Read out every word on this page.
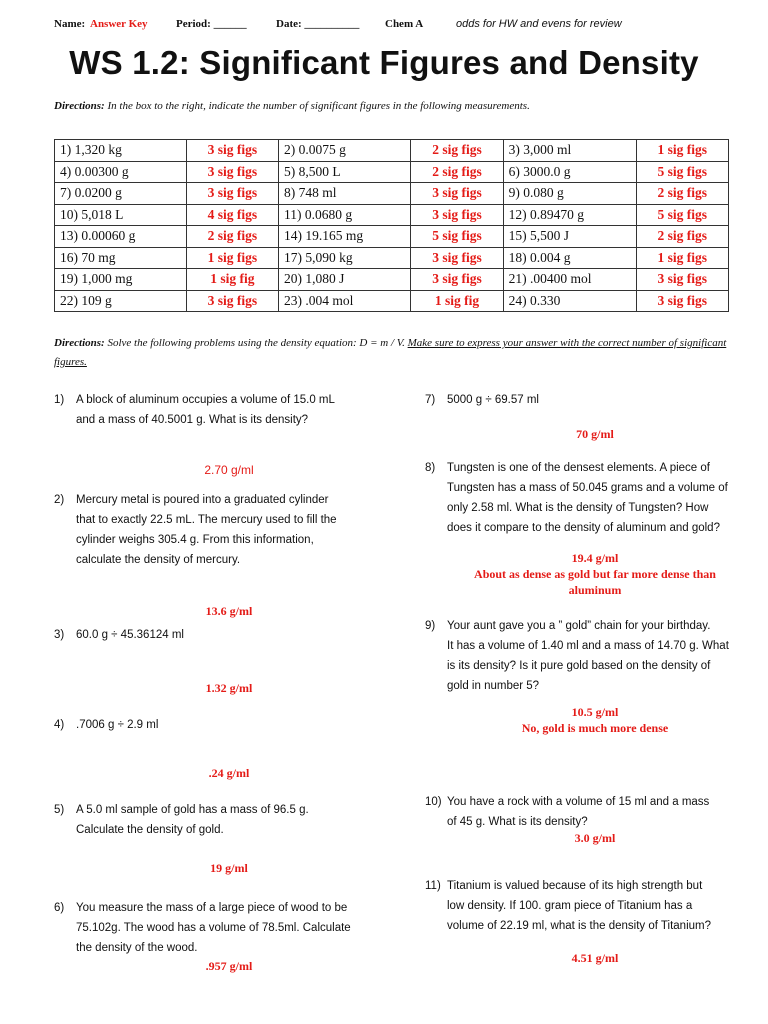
Name: Answer Key	Period: ______	Date: __________ Chem A	odds for HW and evens for review
WS 1.2: Significant Figures and Density
Directions: In the box to the right, indicate the number of significant figures in the following measurements.
1) 1,320 kg	3 sig figs	2) 0.0075 g	2 sig figs	3) 3,000 ml	1 sig figs
4) 0.00300 g	3 sig figs	5) 8,500 L	2 sig figs	6) 3000.0 g	5 sig figs
7) 0.0200 g	3 sig figs	8) 748 ml	3 sig figs	9) 0.080 g	2 sig figs
10) 5,018 L	4 sig figs	11) 0.0680 g	3 sig figs	12) 0.89470 g	5 sig figs
13) 0.00060 g	2 sig figs	14) 19.165 mg	5 sig figs	15) 5,500 J	2 sig figs
16) 70 mg	1 sig figs	17) 5,090 kg	3 sig figs	18) 0.004 g	1 sig figs
19) 1,000 mg	1 sig fig	20) 1,080 J	3 sig figs	21) .00400 mol	3 sig figs
22) 109 g	3 sig figs	23) .004 mol	1 sig fig	24) 0.330	3 sig figs
Directions: Solve the following problems using the density equation: D = m / V. Make sure to express your answer with the correct number of significant figures.
1) A block of aluminum occupies a volume of 15.0 mL
and a mass of 40.5001 g. What is its density?
2.70 g/ml
2) Mercury metal is poured into a graduated cylinder
that to exactly 22.5 mL. The mercury used to fill the
cylinder weighs 305.4 g. From this information,
calculate the density of mercury.
13.6 g/ml
3) 60.0 g ÷ 45.36124 ml
1.32 g/ml
4) .7006 g ÷ 2.9 ml
.24 g/ml
5) A 5.0 ml sample of gold has a mass of 96.5 g.
Calculate the density of gold.
19 g/ml
6) You measure the mass of a large piece of wood to be
75.102g. The wood has a volume of 78.5ml. Calculate
the density of the wood.
.957 g/ml
7) 5000 g ÷ 69.57 ml
70 g/ml
8) Tungsten is one of the densest elements. A piece of
Tungsten has a mass of 50.045 grams and a volume of
only 2.58 ml. What is the density of Tungsten? How
does it compare to the density of aluminum and gold?
19.4 g/ml
About as dense as gold but far more dense than
aluminum
9) Your aunt gave you a ” gold” chain for your birthday.
It has a volume of 1.40 ml and a mass of 14.70 g. What
is its density? Is it pure gold based on the density of
gold in number 5?
10.5 g/ml
No, gold is much more dense
10) You have a rock with a volume of 15 ml and a mass
of 45 g. What is its density?
3.0 g/ml
11) Titanium is valued because of its high strength but
low density. If 100. gram piece of Titanium has a
volume of 22.19 ml, what is the density of Titanium?
4.51 g/ml
